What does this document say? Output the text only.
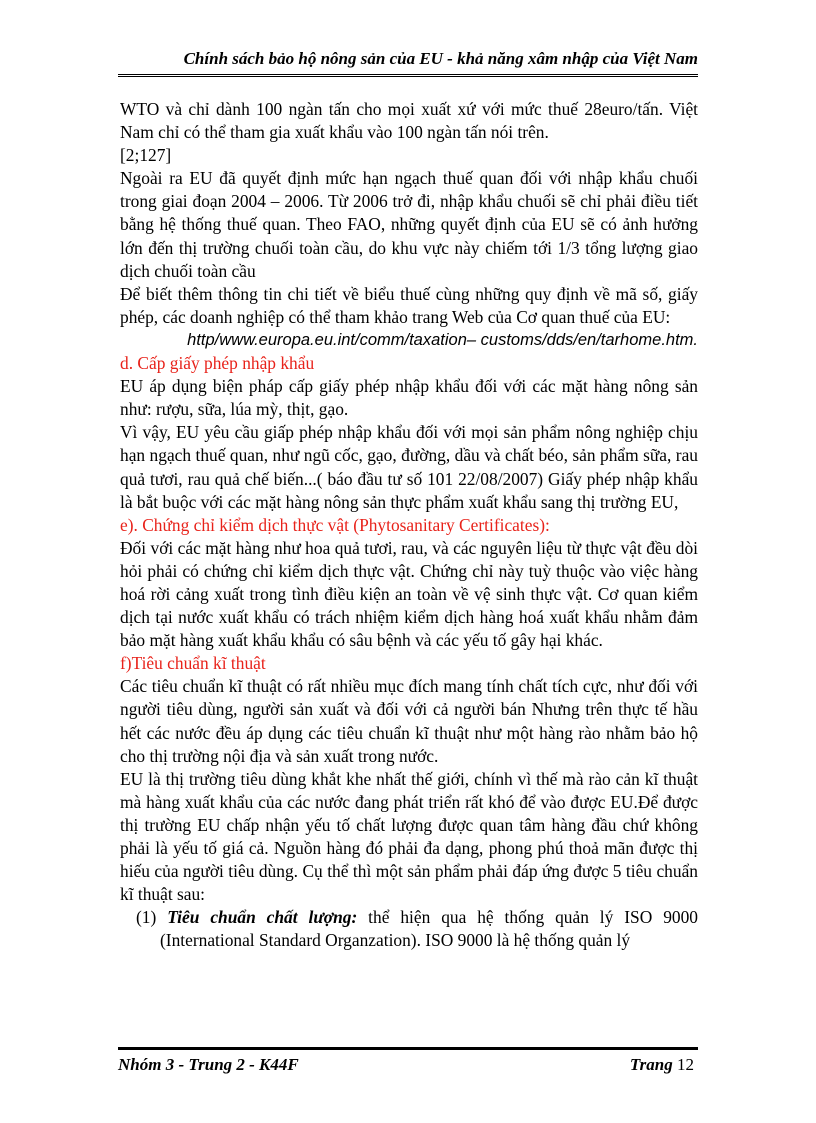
Chính sách bảo hộ nông sản của EU - khả năng xâm nhập của Việt Nam

WTO và chỉ dành 100 ngàn tấn cho mọi xuất xứ với mức thuế 28euro/tấn. Việt Nam chỉ có thể tham gia xuất khẩu vào 100 ngàn tấn nói trên.

[2;127]

Ngoài ra EU đã quyết định mức hạn ngạch thuế quan đối với nhập khẩu chuối trong giai đoạn 2004 – 2006. Từ 2006 trở đi, nhập khẩu chuối sẽ chỉ phải điều tiết bằng hệ thống thuế quan. Theo FAO, những quyết định của EU sẽ có ảnh hưởng lớn đến thị trường chuối toàn cầu, do khu vực này chiếm tới 1/3 tổng lượng giao dịch chuối toàn cầu

Để biết thêm thông tin chi tiết về biểu thuế cùng những quy định về mã số, giấy phép, các doanh nghiệp có thể tham khảo trang Web của Cơ quan thuế của EU:

http/www.europa.eu.int/comm/taxation– customs/dds/en/tarhome.htm.

d. Cấp giấy phép nhập khẩu

EU áp dụng biện pháp cấp giấy phép nhập khẩu đối với các mặt hàng nông sản như: rượu, sữa, lúa mỳ, thịt, gạo.

Vì vậy, EU yêu cầu giấp phép nhập khẩu đối với mọi sản phẩm nông nghiệp chịu hạn ngạch thuế quan, như ngũ cốc, gạo, đường, dầu và chất béo, sản phẩm sữa, rau quả tươi, rau quả chế biến...( báo đầu tư số 101 22/08/2007) Giấy phép nhập khẩu là bắt buộc với các mặt hàng nông sản thực phẩm xuất khẩu sang thị trường EU,

e). Chứng chỉ kiểm dịch thực vật (Phytosanitary Certificates):

Đối với các mặt hàng như hoa quả tươi, rau, và các nguyên liệu từ thực vật đều dòi hỏi phải có chứng chỉ kiểm dịch thực vật. Chứng chỉ này tuỳ thuộc vào việc hàng hoá rời cảng xuất trong tình điều kiện an toàn về vệ sinh thực vật. Cơ quan kiểm dịch tại nước xuất khẩu có trách nhiệm kiểm dịch hàng hoá xuất khẩu nhằm đảm bảo mặt hàng xuất khẩu khẩu có sâu bệnh và các yếu tố gây hại khác.

f)Tiêu chuẩn kĩ thuật

Các tiêu chuẩn kĩ thuật có rất nhiều mục đích mang tính chất tích cực, như đối với người tiêu dùng, người sản xuất và đối với cả người bán Nhưng trên thực tế hầu hết các nước đều áp dụng các tiêu chuẩn kĩ thuật như một hàng rào nhằm bảo hộ cho thị trường nội địa và sản xuất trong nước.

EU là thị trường tiêu dùng khắt khe nhất thế giới, chính vì thế mà rào cản kĩ thuật mà hàng xuất khẩu của các nước đang phát triển rất khó để vào được EU.Để được thị trường EU chấp nhận yếu tố chất lượng được quan tâm hàng đầu chứ không phải là yếu tố giá cả. Nguồn hàng đó phải đa dạng, phong phú thoả mãn được thị hiếu của người tiêu dùng. Cụ thể thì một sản phẩm phải đáp ứng được 5 tiêu chuẩn kĩ thuật sau:

(1) Tiêu chuẩn chất lượng: thể hiện qua hệ thống quản lý ISO 9000 (International Standard Organzation). ISO 9000 là hệ thống quản lý

Nhóm 3 - Trung 2 - K44F	Trang 12
